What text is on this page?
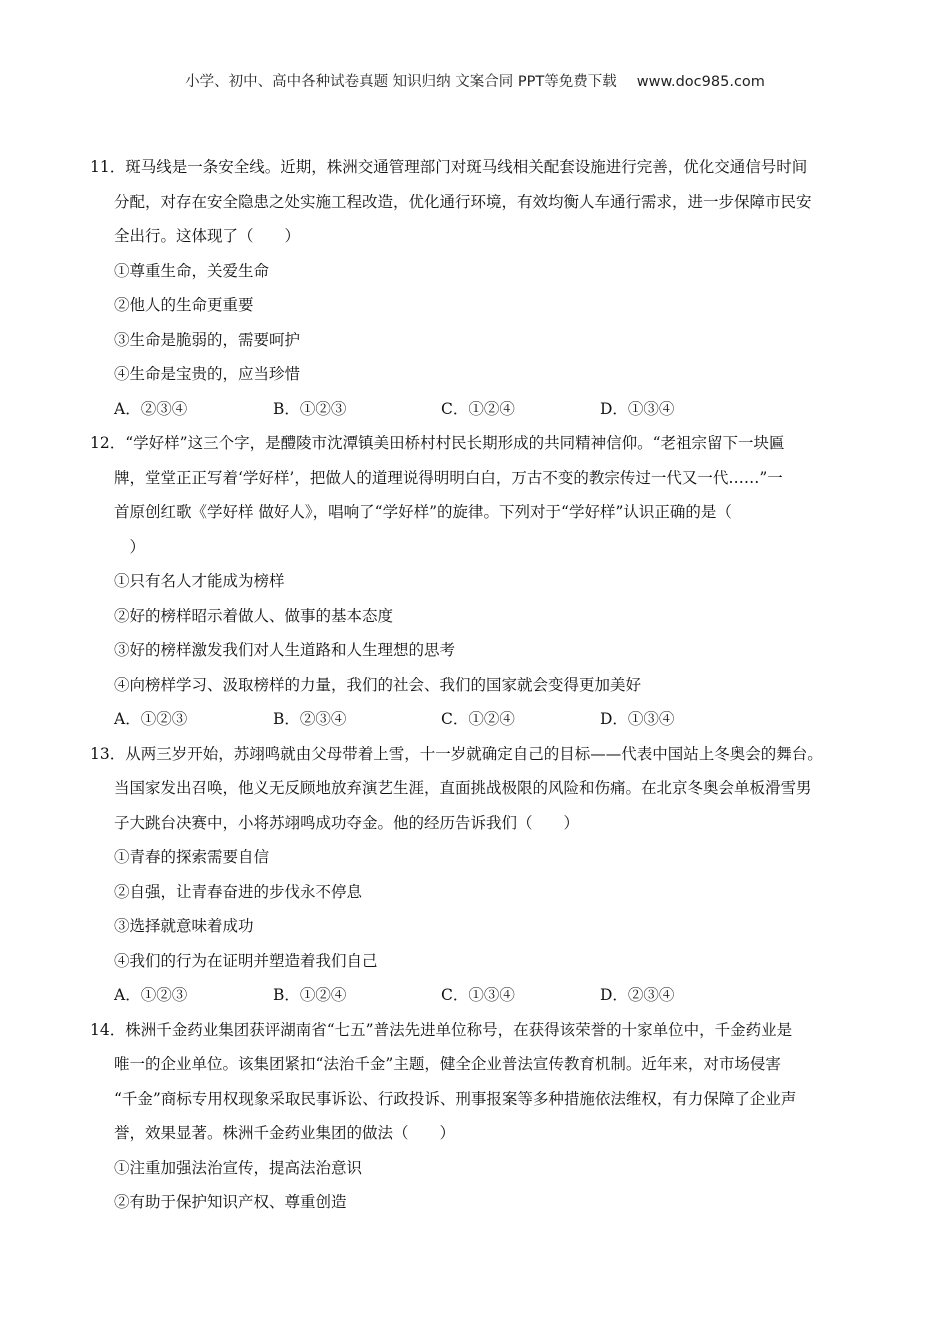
小学、初中、高中各种试卷真题 知识归纳 文案合同 PPT等免费下载 www.doc985.com
11．斑马线是一条安全线。近期，株洲交通管理部门对斑马线相关配套设施进行完善，优化交通信号时间
分配，对存在安全隐患之处实施工程改造，优化通行环境，有效均衡人车通行需求，进一步保障市民安
全出行。这体现了（　　）
①尊重生命，关爱生命
②他人的生命更重要
③生命是脆弱的，需要呵护
④生命是宝贵的，应当珍惜
A．②③④	B．①②③	C．①②④	D．①③④
12．“学好样”这三个字，是醴陵市沈潭镇美田桥村村民长期形成的共同精神信仰。“老祖宗留下一块匾
牌，堂堂正正写着‘学好样’，把做人的道理说得明明白白，万古不变的教宗传过一代又一代……”一
首原创红歌《学好样 做好人》，唱响了“学好样”的旋律。下列对于“学好样”认识正确的是（
　）
①只有名人才能成为榜样
②好的榜样昭示着做人、做事的基本态度
③好的榜样激发我们对人生道路和人生理想的思考
④向榜样学习、汲取榜样的力量，我们的社会、我们的国家就会变得更加美好
A．①②③	B．②③④	C．①②④	D．①③④
13．从两三岁开始，苏翊鸣就由父母带着上雪，十一岁就确定自己的目标——代表中国站上冬奥会的舞台。
当国家发出召唤，他义无反顾地放弃演艺生涯，直面挑战极限的风险和伤痛。在北京冬奥会单板滑雪男
子大跳台决赛中，小将苏翊鸣成功夺金。他的经历告诉我们（　　）
①青春的探索需要自信
②自强，让青春奋进的步伐永不停息
③选择就意味着成功
④我们的行为在证明并塑造着我们自己
A．①②③	B．①②④	C．①③④	D．②③④
14．株洲千金药业集团获评湖南省“七五”普法先进单位称号，在获得该荣誉的十家单位中，千金药业是
唯一的企业单位。该集团紧扣“法治千金”主题，健全企业普法宣传教育机制。近年来，对市场侵害
“千金”商标专用权现象采取民事诉讼、行政投诉、刑事报案等多种措施依法维权，有力保障了企业声
誉，效果显著。株洲千金药业集团的做法（　　）
①注重加强法治宣传，提高法治意识
②有助于保护知识产权、尊重创造
